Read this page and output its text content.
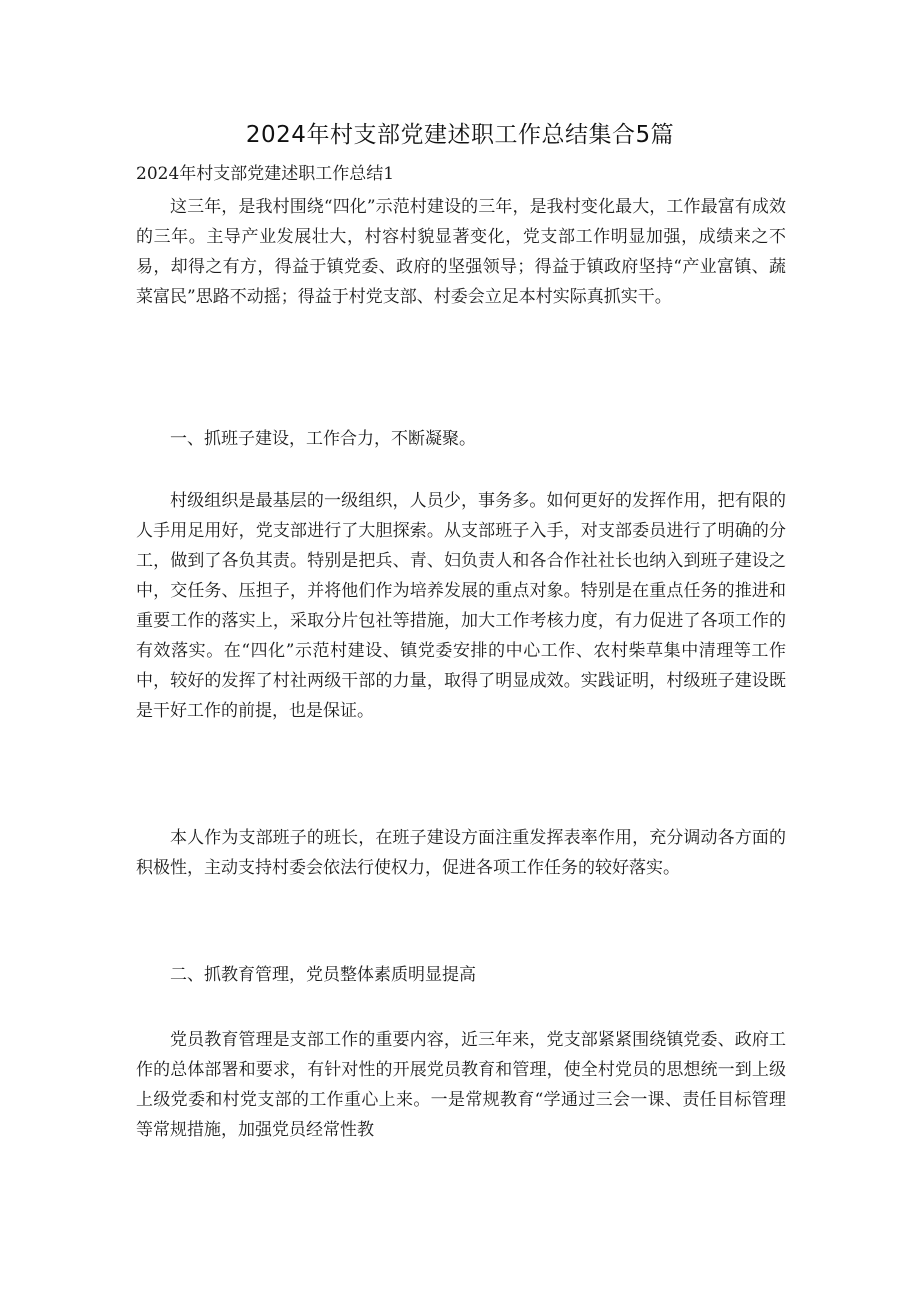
2024年村支部党建述职工作总结集合5篇

2024年村支部党建述职工作总结1

这三年，是我村围绕“四化”示范村建设的三年，是我村变化最大，工作最富有成效的三年。主导产业发展壮大，村容村貌显著变化，党支部工作明显加强，成绩来之不易，却得之有方，得益于镇党委、政府的坚强领导；得益于镇政府坚持“产业富镇、蔬菜富民”思路不动摇；得益于村党支部、村委会立足本村实际真抓实干。

一、抓班子建设，工作合力，不断凝聚。

村级组织是最基层的一级组织，人员少，事务多。如何更好的发挥作用，把有限的人手用足用好，党支部进行了大胆探索。从支部班子入手，对支部委员进行了明确的分工，做到了各负其责。特别是把兵、青、妇负责人和各合作社社长也纳入到班子建设之中，交任务、压担子，并将他们作为培养发展的重点对象。特别是在重点任务的推进和重要工作的落实上，采取分片包社等措施，加大工作考核力度，有力促进了各项工作的有效落实。在“四化”示范村建设、镇党委安排的中心工作、农村柴草集中清理等工作中，较好的发挥了村社两级干部的力量，取得了明显成效。实践证明，村级班子建设既是干好工作的前提，也是保证。

本人作为支部班子的班长，在班子建设方面注重发挥表率作用，充分调动各方面的积极性，主动支持村委会依法行使权力，促进各项工作任务的较好落实。

二、抓教育管理，党员整体素质明显提高

党员教育管理是支部工作的重要内容，近三年来，党支部紧紧围绕镇党委、政府工作的总体部署和要求，有针对性的开展党员教育和管理，使全村党员的思想统一到上级上级党委和村党支部的工作重心上来。一是常规教育“学通过三会一课、责任目标管理等常规措施，加强党员经常性教
